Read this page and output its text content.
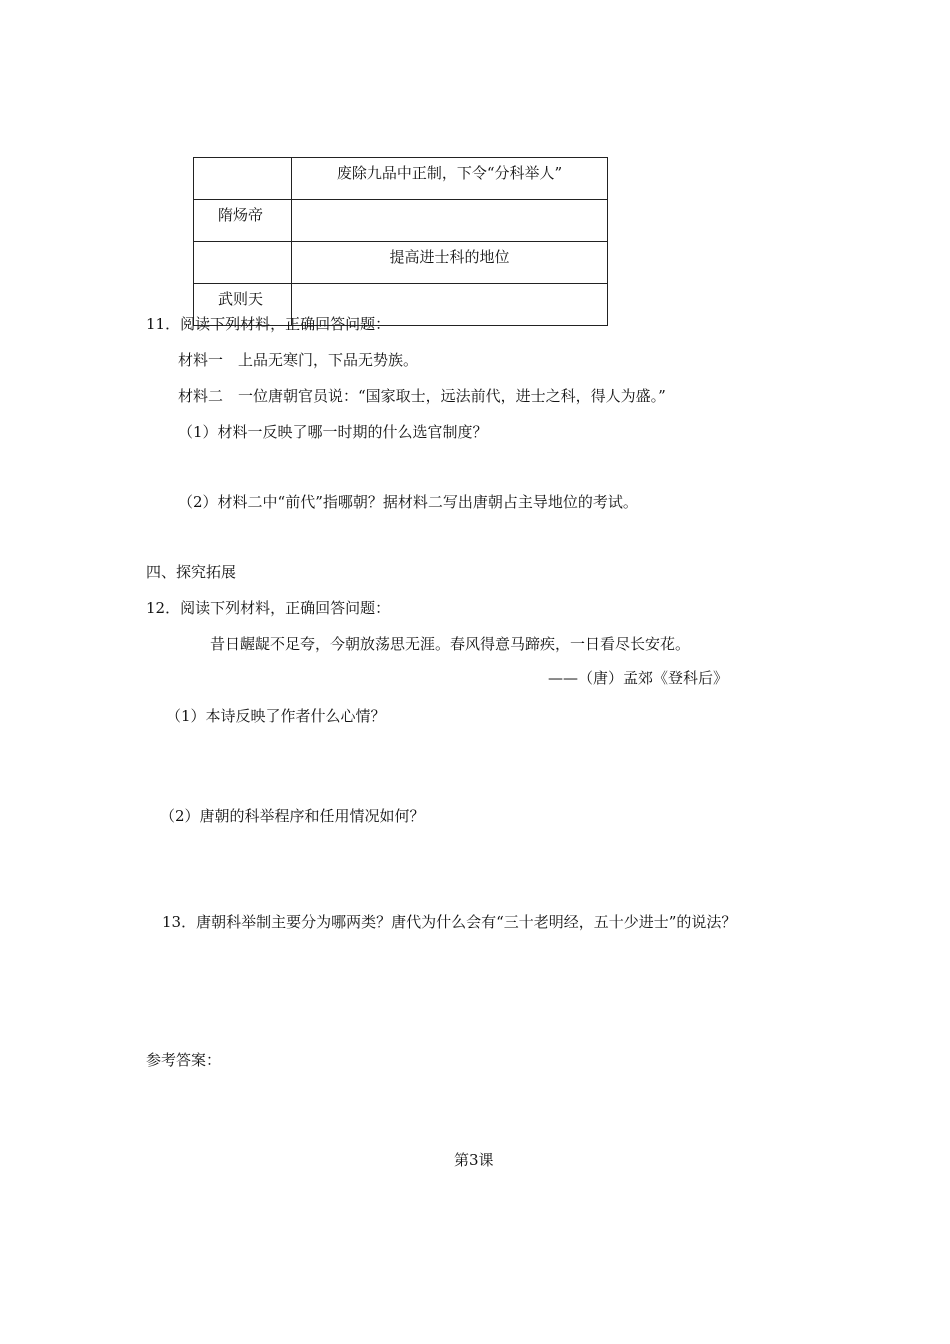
	废除九品中正制，下令“分科举人”
隋炀帝	
	提高进士科的地位
武则天	
11．阅读下列材料，正确回答问题：
材料一　上品无寒门，下品无势族。
材料二　一位唐朝官员说：“国家取士，远法前代，进士之科，得人为盛。”
（1）材料一反映了哪一时期的什么选官制度？
（2）材料二中“前代”指哪朝？据材料二写出唐朝占主导地位的考试。
四、探究拓展
12．阅读下列材料，正确回答问题：
昔日龌龊不足夸，今朝放荡思无涯。春风得意马蹄疾，一日看尽长安花。
——（唐）孟郊《登科后》
（1）本诗反映了作者什么心情？
（2）唐朝的科举程序和任用情况如何？
13．唐朝科举制主要分为哪两类？唐代为什么会有“三十老明经，五十少进士”的说法？
参考答案：
第3课
